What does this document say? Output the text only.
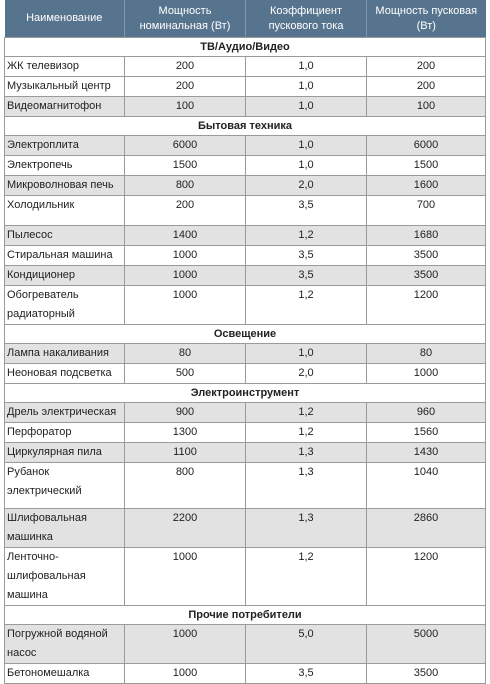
Наименование	Мощность номинальная (Вт)	Коэффициент пускового тока	Мощность пусковая (Вт)
ТВ/Аудио/Видео			
ЖК телевизор	200	1,0	200
Музыкальный центр	200	1,0	200
Видеомагнитофон	100	1,0	100
Бытовая техника			
Электроплита	6000	1,0	6000
Электропечь	1500	1,0	1500
Микроволновая печь	800	2,0	1600
Холодильник	200	3,5	700
Пылесос	1400	1,2	1680
Стиральная машина	1000	3,5	3500
Кондиционер	1000	3,5	3500
Обогреватель радиаторный	1000	1,2	1200
Освещение			
Лампа накаливания	80	1,0	80
Неоновая подсветка	500	2,0	1000
Электроинструмент			
Дрель электрическая	900	1,2	960
Перфоратор	1300	1,2	1560
Циркулярная пила	1100	1,3	1430
Рубанок электрический	800	1,3	1040
Шлифовальная машинка	2200	1,3	2860
Ленточно-шлифовальная машина	1000	1,2	1200
Прочие потребители			
Погружной водяной насос	1000	5,0	5000
Бетономешалка	1000	3,5	3500
